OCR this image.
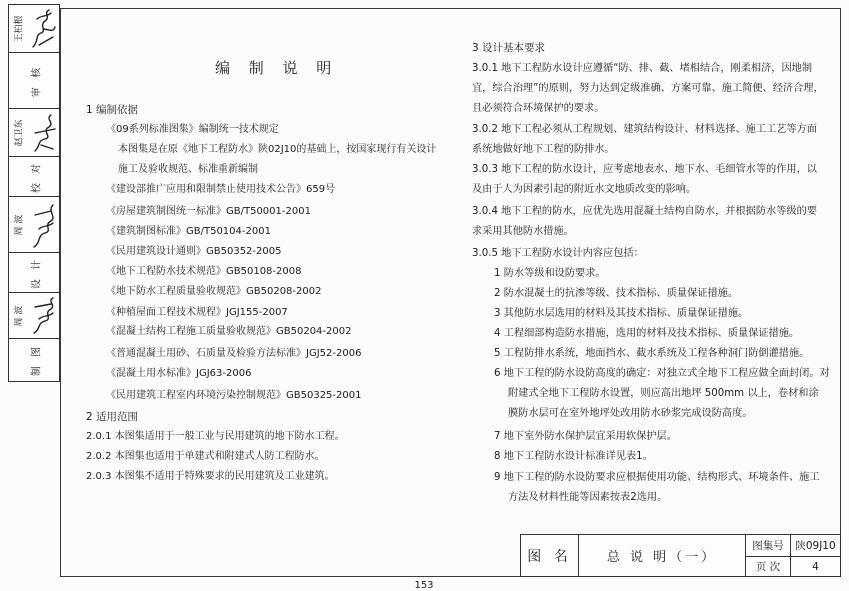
王柏根
审 核
赵卫东
校 对
周 波
设 计
周 波
制 图
编 制 说 明
1 编制依据
《09系列标准图集》编制统一技术规定
本图集是在原《地下工程防水》陕02J10的基础上，按国家现行有关设计
施工及验收规范、标准重新编制
《建设部推广应用和限制禁止使用技术公告》659号
《房屋建筑制图统一标准》GB/T50001-2001
《建筑制图标准》GB/T50104-2001
《民用建筑设计通则》GB50352-2005
《地下工程防水技术规范》GB50108-2008
《地下防水工程质量验收规范》GB50208-2002
《种植屋面工程技术规程》JGJ155-2007
《混凝土结构工程施工质量验收规范》GB50204-2002
《普通混凝土用砂、石质量及检验方法标准》JGJ52-2006
《混凝土用水标准》JGJ63-2006
《民用建筑工程室内环境污染控制规范》GB50325-2001
2 适用范围
2.0.1 本图集适用于一般工业与民用建筑的地下防水工程。
2.0.2 本图集也适用于单建式和附建式人防工程防水。
2.0.3 本图集不适用于特殊要求的民用建筑及工业建筑。
3 设计基本要求
3.0.1 地下工程防水设计应遵循“防、排、截、堵相结合，刚柔相济，因地制
宜，综合治理”的原则，努力达到定级准确、方案可靠、施工简便、经济合理，
且必须符合环境保护的要求。
3.0.2 地下工程必须从工程规划、建筑结构设计、材料选择、施工工艺等方面
系统地做好地下工程的防排水。
3.0.3 地下工程的防水设计，应考虑地表水、地下水、毛细管水等的作用，以
及由于人为因素引起的附近水文地质改变的影响。
3.0.4 地下工程的防水，应优先选用混凝土结构自防水，并根据防水等级的要
求采用其他防水措施。
3.0.5 地下工程防水设计内容应包括：
1 防水等级和设防要求。
2 防水混凝土的抗渗等级、技术指标、质量保证措施。
3 其他防水层选用的材料及其技术指标、质量保证措施。
4 工程细部构造防水措施，选用的材料及技术指标、质量保证措施。
5 工程防排水系统，地面挡水、截水系统及工程各种洞门防倒灌措施。
6 地下工程的防水设防高度的确定：对独立式全地下工程应做全面封闭。对
附建式全地下工程防水设置，则应高出地坪 500mm 以上，卷材和涂
膜防水层可在室外地坪处改用防水砂浆完成设防高度。
7 地下室外防水保护层宜采用软保护层。
8 地下工程防水设计标准详见表1。
9 地下工程的防水设防要求应根据使用功能、结构形式、环境条件、施工
方法及材料性能等因素按表2选用。
图 名	总 说 明（一）
图集号	陕09J10
页 次	4
153
